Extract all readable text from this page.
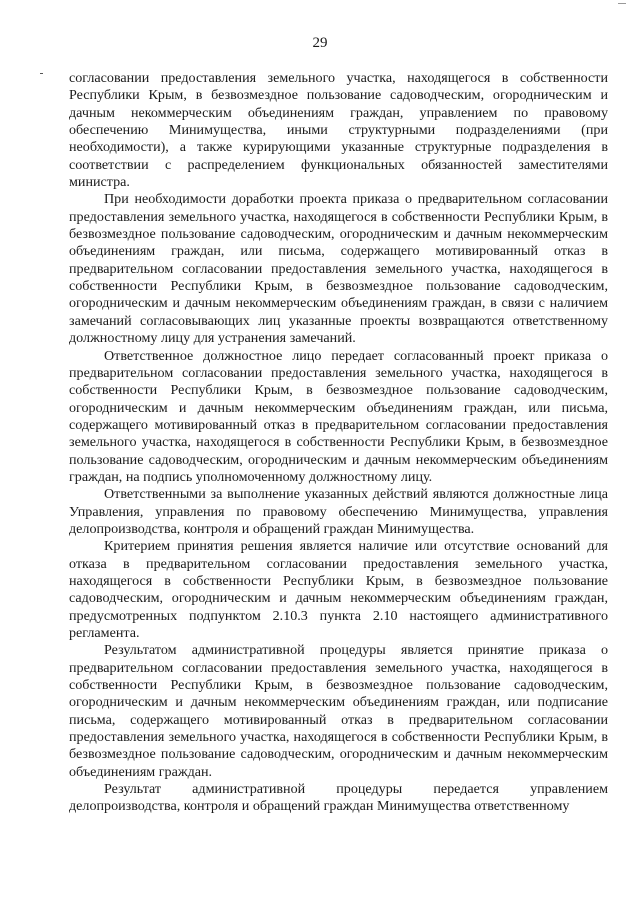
29

согласовании предоставления земельного участка, находящегося в собственности Республики Крым, в безвозмездное пользование садоводческим, огородническим и дачным некоммерческим объединениям граждан, управлением по правовому обеспечению Минимущества, иными структурными подразделениями (при необходимости), а также курирующими указанные структурные подразделения в соответствии с распределением функциональных обязанностей заместителями министра.

При необходимости доработки проекта приказа о предварительном согласовании предоставления земельного участка, находящегося в собственности Республики Крым, в безвозмездное пользование садоводческим, огородническим и дачным некоммерческим объединениям граждан, или письма, содержащего мотивированный отказ в предварительном согласовании предоставления земельного участка, находящегося в собственности Республики Крым, в безвозмездное пользование садоводческим, огородническим и дачным некоммерческим объединениям граждан, в связи с наличием замечаний согласовывающих лиц указанные проекты возвращаются ответственному должностному лицу для устранения замечаний.

Ответственное должностное лицо передает согласованный проект приказа о предварительном согласовании предоставления земельного участка, находящегося в собственности Республики Крым, в безвозмездное пользование садоводческим, огородническим и дачным некоммерческим объединениям граждан, или письма, содержащего мотивированный отказ в предварительном согласовании предоставления земельного участка, находящегося в собственности Республики Крым, в безвозмездное пользование садоводческим, огородническим и дачным некоммерческим объединениям граждан, на подпись уполномоченному должностному лицу.

Ответственными за выполнение указанных действий являются должностные лица Управления, управления по правовому обеспечению Минимущества, управления делопроизводства, контроля и обращений граждан Минимущества.

Критерием принятия решения является наличие или отсутствие оснований для отказа в предварительном согласовании предоставления земельного участка, находящегося в собственности Республики Крым, в безвозмездное пользование садоводческим, огородническим и дачным некоммерческим объединениям граждан, предусмотренных подпунктом 2.10.3 пункта 2.10 настоящего административного регламента.

Результатом административной процедуры является принятие приказа о предварительном согласовании предоставления земельного участка, находящегося в собственности Республики Крым, в безвозмездное пользование садоводческим, огородническим и дачным некоммерческим объединениям граждан, или подписание письма, содержащего мотивированный отказ в предварительном согласовании предоставления земельного участка, находящегося в собственности Республики Крым, в безвозмездное пользование садоводческим, огородническим и дачным некоммерческим объединениям граждан.

Результат административной процедуры передается управлением делопроизводства, контроля и обращений граждан Минимущества ответственному
